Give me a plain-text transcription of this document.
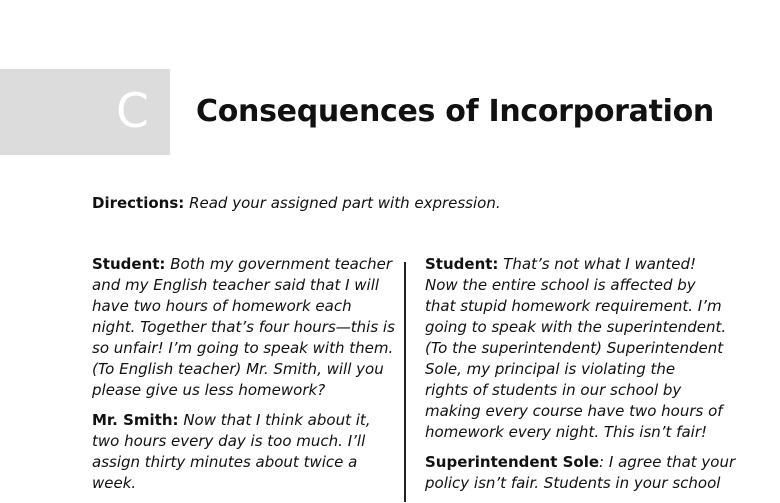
C Consequences of Incorporation
Directions: Read your assigned part with expression.
Student: Both my government teacher
and my English teacher said that I will
have two hours of homework each
night. Together that’s four hours—this is
so unfair! I’m going to speak with them.
(To English teacher) Mr. Smith, will you
please give us less homework?
Mr. Smith: Now that I think about it,
two hours every day is too much. I’ll
assign thirty minutes about twice a
week.
Student: That’s not what I wanted!
Now the entire school is affected by
that stupid homework requirement. I’m
going to speak with the superintendent.
(To the superintendent) Superintendent
Sole, my principal is violating the
rights of students in our school by
making every course have two hours of
homework every night. This isn’t fair!
Superintendent Sole: I agree that your
policy isn’t fair. Students in your school
